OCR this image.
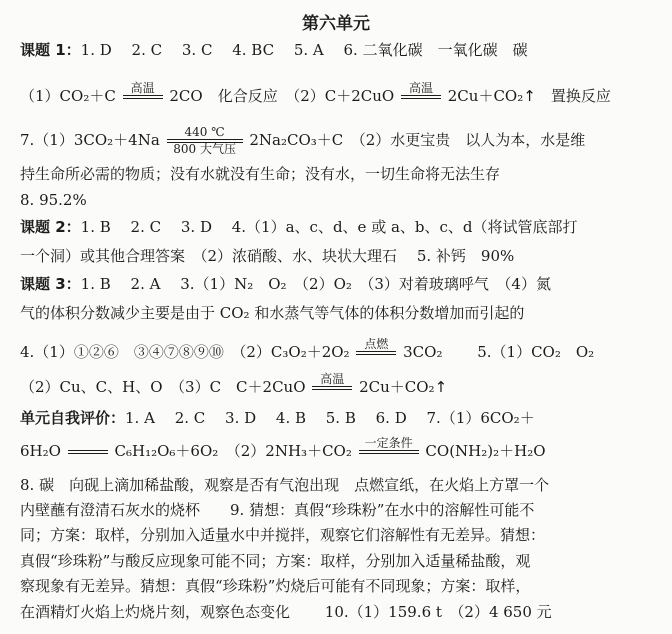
第六单元
课题 1：1. D　 2. C　 3. C　 4. BC　 5. A　 6. 二氧化碳　一氧化碳　碳
（1）CO₂＋C	高温
2CO　化合反应　（2）C＋2CuO	高温
2Cu＋CO₂↑　置换反应
7.（1）3CO₂＋4Na	440 ℃
800 大气压 2Na₂CO₃＋C　（2）水更宝贵　以人为本，水是维
持生命所必需的物质；没有水就没有生命；没有水，一切生命将无法生存
8. 95.2%
课题 2：1. B　 2. C　 3. D　 4.（1）a、c、d、e 或 a、b、c、d（将试管底部打
一个洞）或其他合理答案　（2）浓硝酸、水、块状大理石　 5. 补钙　90%
课题 3：1. B　 2. A　 3.（1）N₂　O₂　（2）O₂　（3）对着玻璃呼气　（4）氮
气的体积分数减少主要是由于 CO₂ 和水蒸气等气体的体积分数增加而引起的
4.（1）①②⑥　③④⑦⑧⑨⑩　（2）C₃O₂＋2O₂	点燃
3CO₂　　 5.（1）CO₂　O₂
（2）Cu、C、H、O　（3）C　C＋2CuO	高温
2Cu＋CO₂↑
单元自我评价：1. A　 2. C　 3. D　 4. B　 5. B　 6. D　 7.（1）6CO₂＋
6H₂O

	C₆H₁₂O₆＋6O₂　（2）2NH₃＋CO₂	一定条件
CO(NH₂)₂＋H₂O
8. 碳　向砚上滴加稀盐酸，观察是否有气泡出现　点燃宣纸，在火焰上方罩一个
内壁蘸有澄清石灰水的烧杯　　9. 猜想：真假“珍珠粉”在水中的溶解性可能不
同；方案：取样，分别加入适量水中并搅拌，观察它们溶解性有无差异。猜想：
真假“珍珠粉”与酸反应现象可能不同；方案：取样，分别加入适量稀盐酸，观
察现象有无差异。猜想：真假“珍珠粉”灼烧后可能有不同现象；方案：取样，
在酒精灯火焰上灼烧片刻，观察色态变化　　 10.（1）159.6 t　（2）4 650 元
